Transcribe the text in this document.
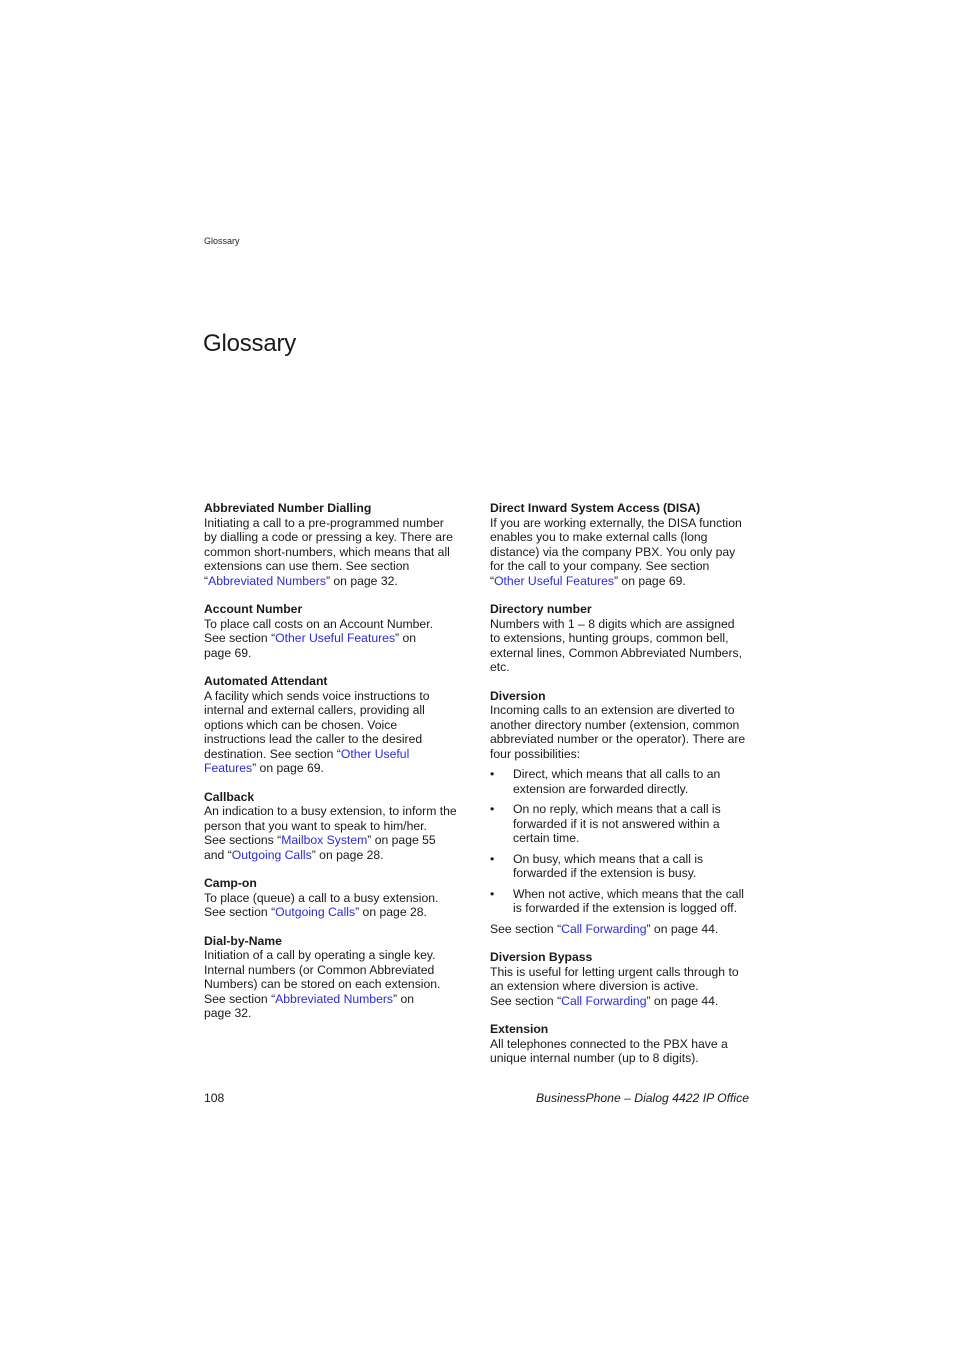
Glossary
Glossary

Abbreviated Number Dialling

Initiating a call to a pre-programmed number
by dialling a code or pressing a key. There are
common short-numbers, which means that all
extensions can use them. See section
“Abbreviated Numbers” on page 32.

Account Number

To place call costs on an Account Number.
See section “Other Useful Features” on
page 69.

Automated Attendant

A facility which sends voice instructions to
internal and external callers, providing all
options which can be chosen. Voice
instructions lead the caller to the desired
destination. See section “Other Useful
Features” on page 69.

Callback

An indication to a busy extension, to inform the
person that you want to speak to him/her.
See sections “Mailbox System” on page 55
and “Outgoing Calls” on page 28.

Camp-on

To place (queue) a call to a busy extension.
See section “Outgoing Calls” on page 28.

Dial-by-Name

Initiation of a call by operating a single key.
Internal numbers (or Common Abbreviated
Numbers) can be stored on each extension.
See section “Abbreviated Numbers” on
page 32.

Direct Inward System Access (DISA)

If you are working externally, the DISA function
enables you to make external calls (long
distance) via the company PBX. You only pay
for the call to your company. See section
“Other Useful Features” on page 69.

Directory number

Numbers with 1 – 8 digits which are assigned
to extensions, hunting groups, common bell,
external lines, Common Abbreviated Numbers,
etc.

Diversion

Incoming calls to an extension are diverted to
another directory number (extension, common
abbreviated number or the operator). There are
four possibilities:
• Direct, which means that all calls to an
extension are forwarded directly.
• On no reply, which means that a call is
forwarded if it is not answered within a
certain time.
• On busy, which means that a call is
forwarded if the extension is busy.
• When not active, which means that the call
is forwarded if the extension is logged off.

See section “Call Forwarding” on page 44.

Diversion Bypass

This is useful for letting urgent calls through to
an extension where diversion is active.
See section “Call Forwarding” on page 44.

Extension

All telephones connected to the PBX have a
unique internal number (up to 8 digits).
108	BusinessPhone – Dialog 4422 IP Office
